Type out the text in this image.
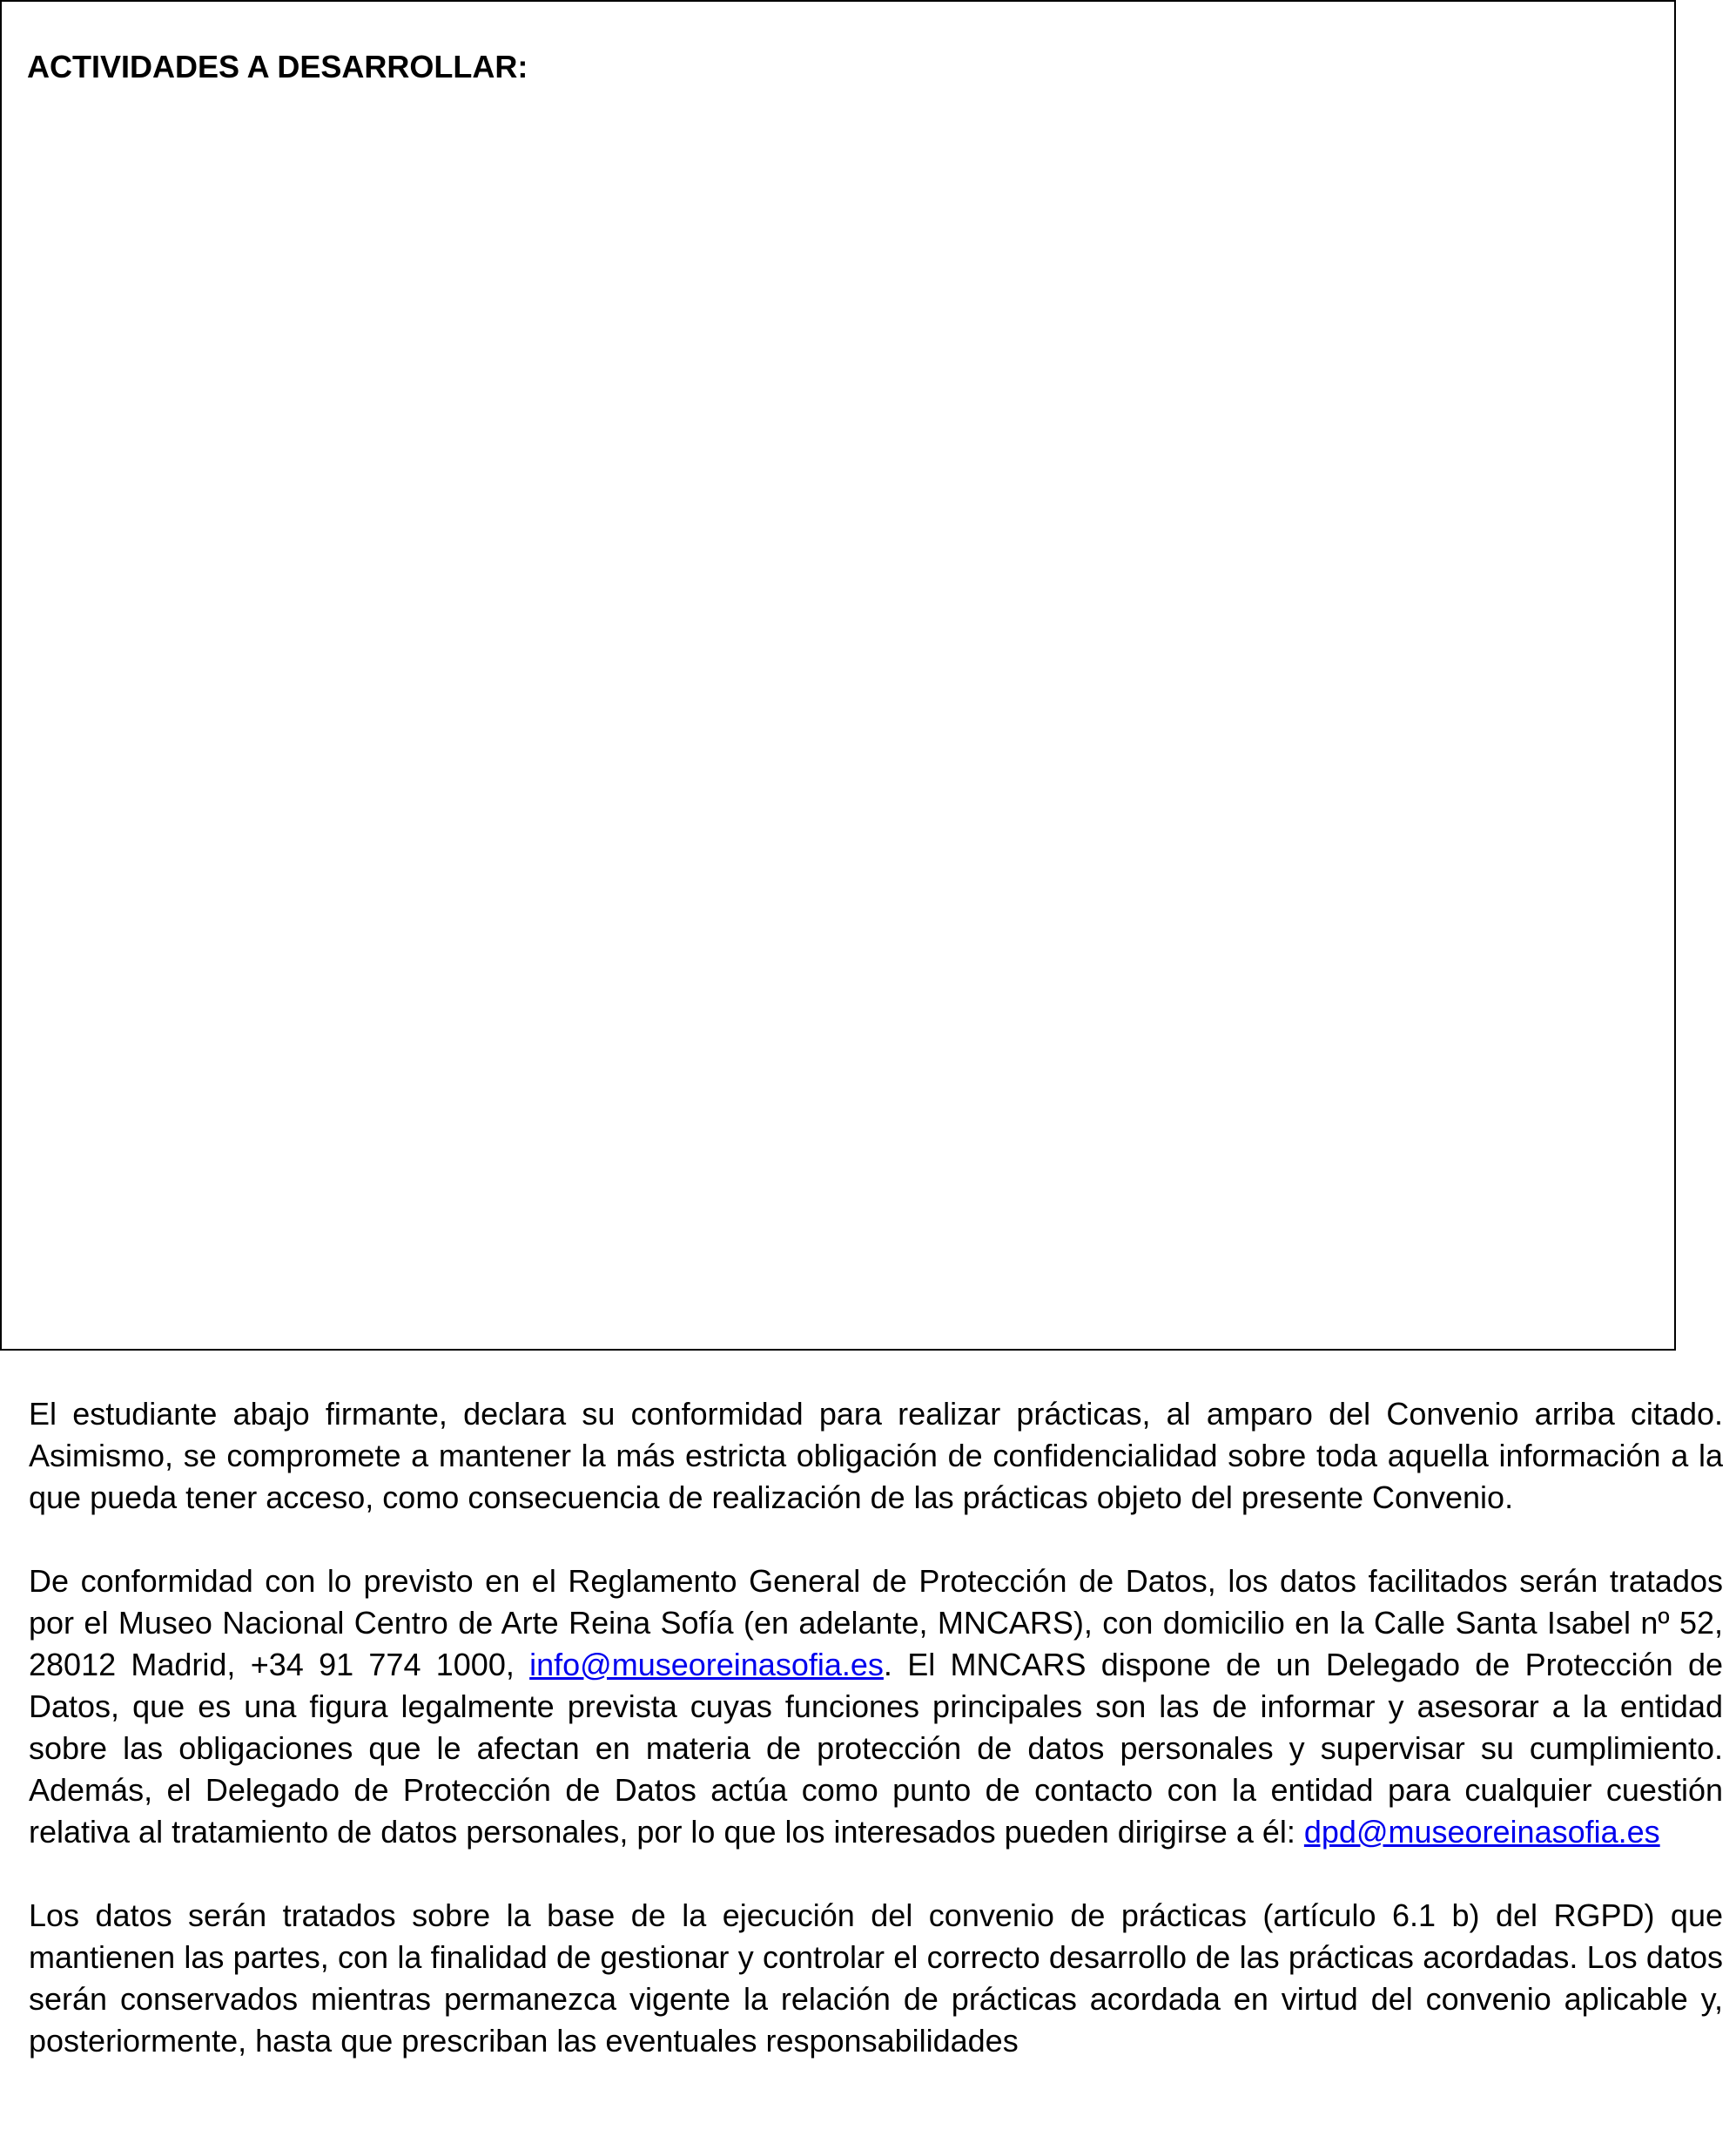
ACTIVIDADES A DESARROLLAR:

El estudiante abajo firmante, declara su conformidad para realizar prácticas, al amparo del Convenio arriba citado. Asimismo, se compromete a mantener la más estricta obligación de confidencialidad sobre toda aquella información a la que pueda tener acceso, como consecuencia de realización de las prácticas objeto del presente Convenio.

De conformidad con lo previsto en el Reglamento General de Protección de Datos, los datos facilitados serán tratados por el Museo Nacional Centro de Arte Reina Sofía (en adelante, MNCARS), con domicilio en la Calle Santa Isabel nº 52, 28012 Madrid, +34 91 774 1000, info@museoreinasofia.es. El MNCARS dispone de un Delegado de Protección de Datos, que es una figura legalmente prevista cuyas funciones principales son las de informar y asesorar a la entidad sobre las obligaciones que le afectan en materia de protección de datos personales y supervisar su cumplimiento. Además, el Delegado de Protección de Datos actúa como punto de contacto con la entidad para cualquier cuestión relativa al tratamiento de datos personales, por lo que los interesados pueden dirigirse a él: dpd@museoreinasofia.es

Los datos serán tratados sobre la base de la ejecución del convenio de prácticas (artículo 6.1 b) del RGPD) que mantienen las partes, con la finalidad de gestionar y controlar el correcto desarrollo de las prácticas acordadas. Los datos serán conservados mientras permanezca vigente la relación de prácticas acordada en virtud del convenio aplicable y, posteriormente, hasta que prescriban las eventuales responsabilidades
